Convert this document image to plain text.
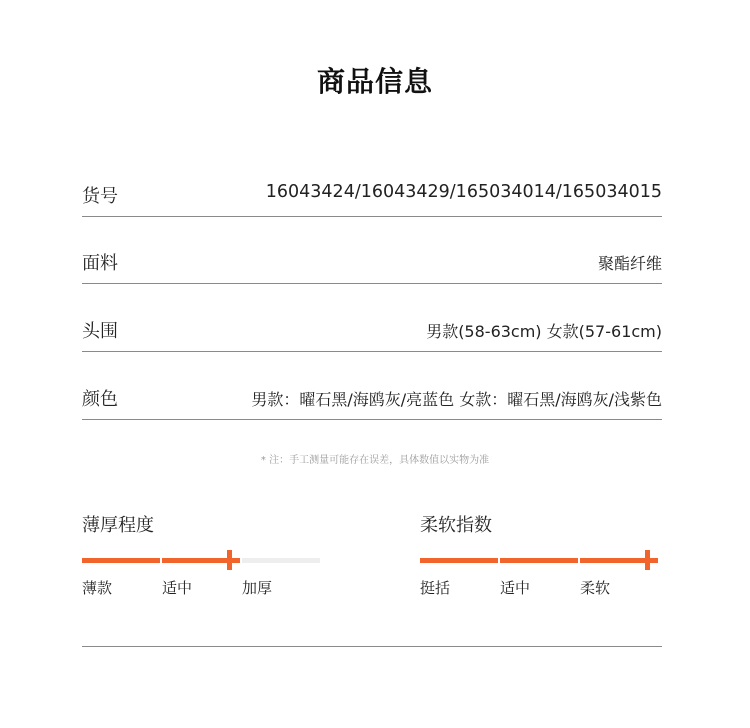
商品信息
货号	16043424/16043429/165034014/165034015
面料	聚酯纤维
头围	男款(58-63cm) 女款(57-61cm)
颜色	男款：曜石黑/海鸥灰/亮蓝色 女款：曜石黑/海鸥灰/浅紫色
* 注：手工测量可能存在误差，具体数值以实物为准
薄厚程度
薄款	适中	加厚
柔软指数
挺括	适中	柔软
